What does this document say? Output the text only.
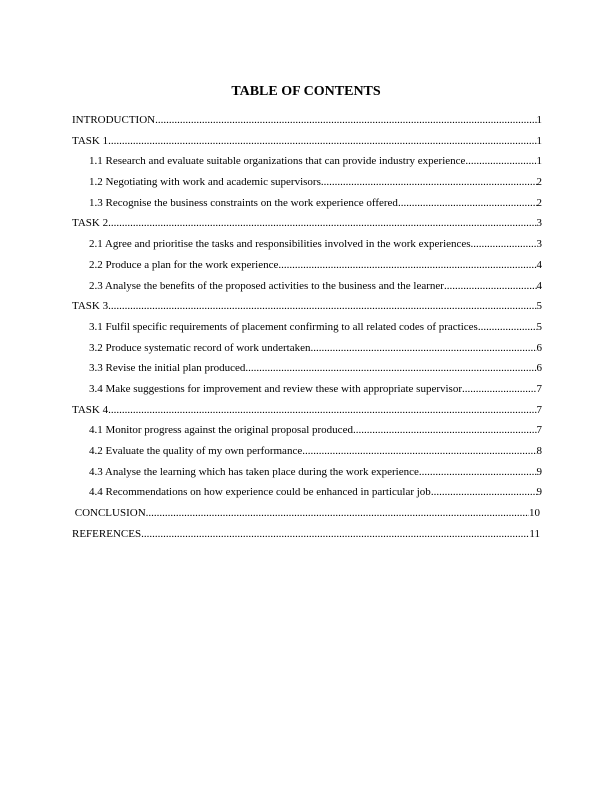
TABLE OF CONTENTS
INTRODUCTION .....	1
TASK 1 .....	1
1.1 Research and evaluate suitable organizations that can provide industry experience .....	1
1.2 Negotiating with work and academic supervisors .....	2
1.3 Recognise the business constraints on the work experience offered .....	2
TASK 2 .....	3
2.1 Agree and prioritise the tasks and responsibilities involved in the work experiences .....	3
2.2 Produce a plan for the work experience .....	4
2.3 Analyse the benefits of the proposed activities to the business and the learner .....	4
TASK 3 .....	5
3.1 Fulfil specific requirements of placement confirming to all related codes of practices .....	5
3.2 Produce systematic record of work undertaken .....	6
3.3 Revise the initial plan produced .....	6
3.4 Make suggestions for improvement and review these with appropriate supervisor .....	7
TASK 4 .....	7
4.1 Monitor progress against the original proposal produced .....	7
4.2 Evaluate the quality of my own performance .....	8
4.3 Analyse the learning which has taken place during the work experience .....	9
4.4 Recommendations on how experience could be enhanced in particular job .....	9
CONCLUSION .....	10
REFERENCES .....	11
